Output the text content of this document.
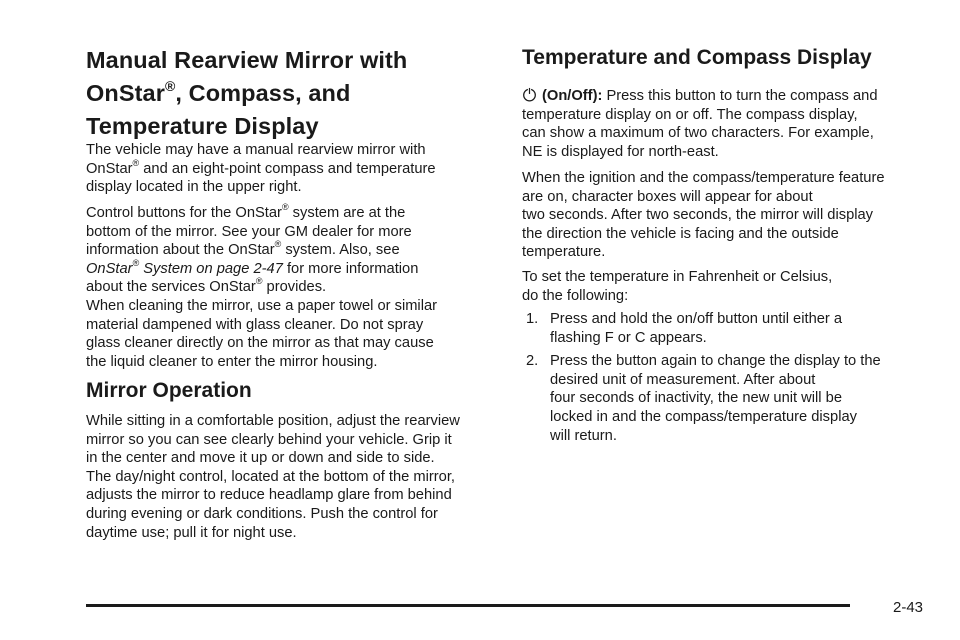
Manual Rearview Mirror with
OnStar®, Compass, and
Temperature Display

The vehicle may have a manual rearview mirror with
OnStar® and an eight-point compass and temperature
display located in the upper right.

Control buttons for the OnStar® system are at the
bottom of the mirror. See your GM dealer for more
information about the OnStar® system. Also, see
OnStar® System on page 2-47 for more information
about the services OnStar® provides.

When cleaning the mirror, use a paper towel or similar
material dampened with glass cleaner. Do not spray
glass cleaner directly on the mirror as that may cause
the liquid cleaner to enter the mirror housing.

Mirror Operation

While sitting in a comfortable position, adjust the rearview
mirror so you can see clearly behind your vehicle. Grip it
in the center and move it up or down and side to side.
The day/night control, located at the bottom of the mirror,
adjusts the mirror to reduce headlamp glare from behind
during evening or dark conditions. Push the control for
daytime use; pull it for night use.

Temperature and Compass Display

(On/Off): Press this button to turn the compass and
temperature display on or off. The compass display,
can show a maximum of two characters. For example,
NE is displayed for north-east.

When the ignition and the compass/temperature feature
are on, character boxes will appear for about
two seconds. After two seconds, the mirror will display
the direction the vehicle is facing and the outside
temperature.

To set the temperature in Fahrenheit or Celsius,
do the following:

1. Press and hold the on/off button until either a
flashing F or C appears.
2. Press the button again to change the display to the
desired unit of measurement. After about
four seconds of inactivity, the new unit will be
locked in and the compass/temperature display
will return.
2-43
